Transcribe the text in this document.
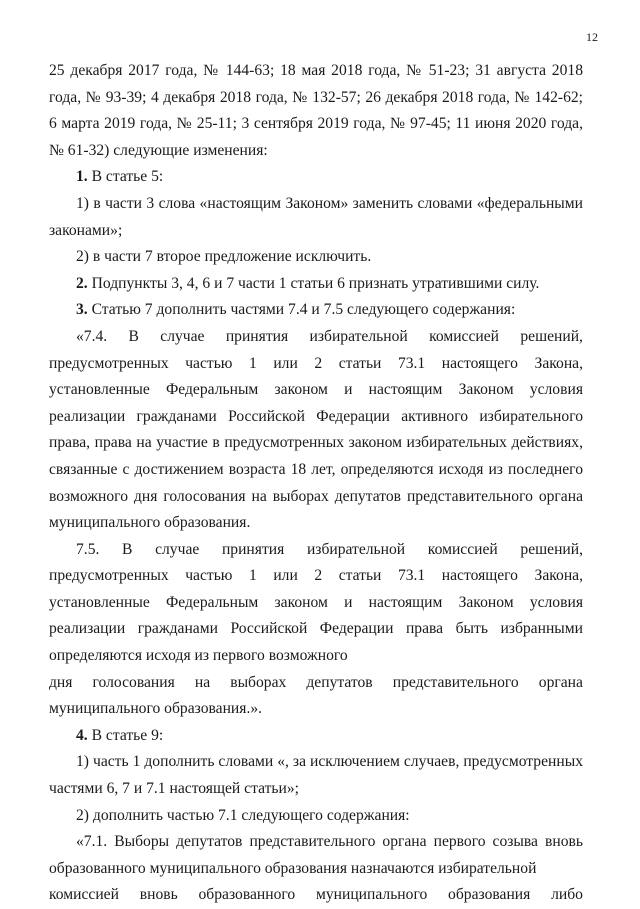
12

25 декабря 2017 года, № 144-63; 18 мая 2018 года, № 51-23; 31 августа 2018 года, № 93-39; 4 декабря 2018 года, № 132-57; 26 декабря 2018 года, № 142-62; 6 марта 2019 года, № 25-11; 3 сентября 2019 года, № 97-45; 11 июня 2020 года, № 61-32) следующие изменения:

1. В статье 5:

1) в части 3 слова «настоящим Законом» заменить словами «федеральными законами»;

2) в части 7 второе предложение исключить.

2. Подпункты 3, 4, 6 и 7 части 1 статьи 6 признать утратившими силу.

3. Статью 7 дополнить частями 7.4 и 7.5 следующего содержания:

«7.4. В случае принятия избирательной комиссией решений,

предусмотренных частью 1 или 2 статьи 73.1 настоящего Закона, установленные Федеральным законом и настоящим Законом условия реализации гражданами Российской Федерации активного избирательного права, права на участие в предусмотренных законом избирательных действиях, связанные с достижением возраста 18 лет, определяются исходя из последнего возможного дня голосования на выборах депутатов представительного органа муниципального образования.

7.5. В случае принятия избирательной комиссией решений, предусмотренных частью 1 или 2 статьи 73.1 настоящего Закона, установленные Федеральным законом и настоящим Законом условия реализации гражданами Российской Федерации права быть избранными определяются исходя из первого возможного

дня голосования на выборах депутатов представительного органа

муниципального образования.».

4. В статье 9:

1) часть 1 дополнить словами «, за исключением случаев, предусмотренных частями 6, 7 и 7.1 настоящей статьи»;

2) дополнить частью 7.1 следующего содержания:

«7.1. Выборы депутатов представительного органа первого созыва вновь образованного муниципального образования назначаются избирательной

комиссией вновь образованного муниципального образования либо
